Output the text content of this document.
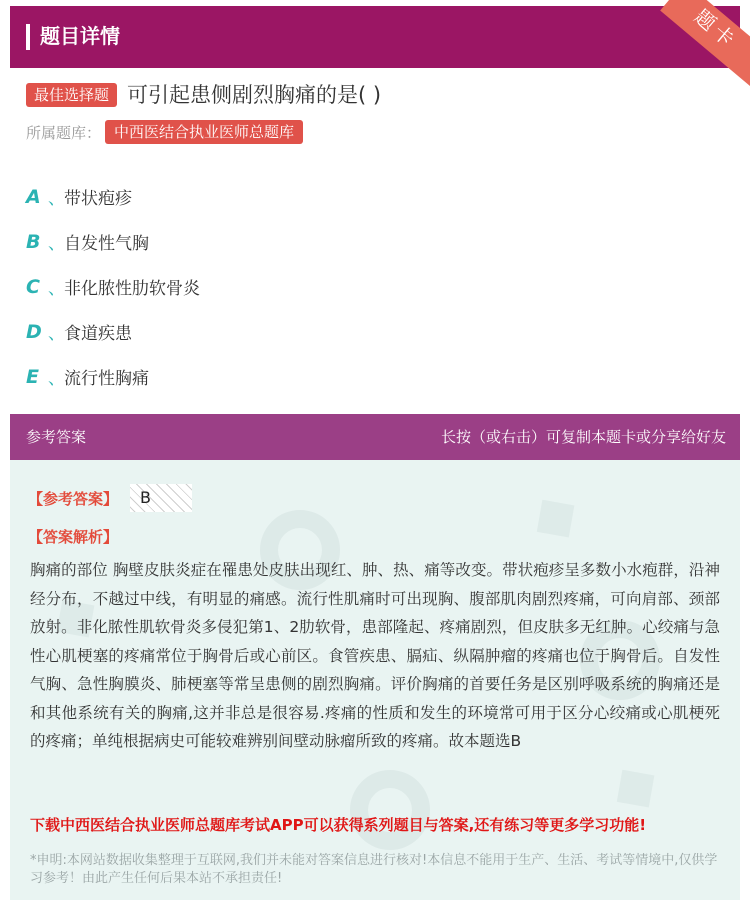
题目详情	题卡
最佳选择题 可引起患侧剧烈胸痛的是( )
所属题库： 中西医结合执业医师总题库
A 、 带状疱疹
B 、 自发性气胸
C 、 非化脓性肋软骨炎
D 、 食道疾患
E 、 流行性胸痛
参考答案	长按（或右击）可复制本题卡或分享给好友
◆
◆
◆
【参考答案】	B
【答案解析】
胸痛的部位 胸壁皮肤炎症在罹患处皮肤出现红、肿、热、痛等改变。带状疱疹呈多数小水疱群，沿神经分布，不越过中线，有明显的痛感。流行性肌痛时可出现胸、腹部肌肉剧烈疼痛，可向肩部、颈部放射。非化脓性肌软骨炎多侵犯第1、2肋软骨，患部隆起、疼痛剧烈，但皮肤多无红肿。心绞痛与急性心肌梗塞的疼痛常位于胸骨后或心前区。食管疾患、膈疝、纵隔肿瘤的疼痛也位于胸骨后。自发性气胸、急性胸膜炎、肺梗塞等常呈患侧的剧烈胸痛。评价胸痛的首要任务是区别呼吸系统的胸痛还是和其他系统有关的胸痛,这并非总是很容易.疼痛的性质和发生的环境常可用于区分心绞痛或心肌梗死的疼痛；单纯根据病史可能较难辨别间壁动脉瘤所致的疼痛。故本题选B
下载中西医结合执业医师总题库考试APP可以获得系列题目与答案,还有练习等更多学习功能!
*申明:本网站数据收集整理于互联网,我们并未能对答案信息进行核对!本信息不能用于生产、生活、考试等情境中,仅供学习参考！由此产生任何后果本站不承担责任!
